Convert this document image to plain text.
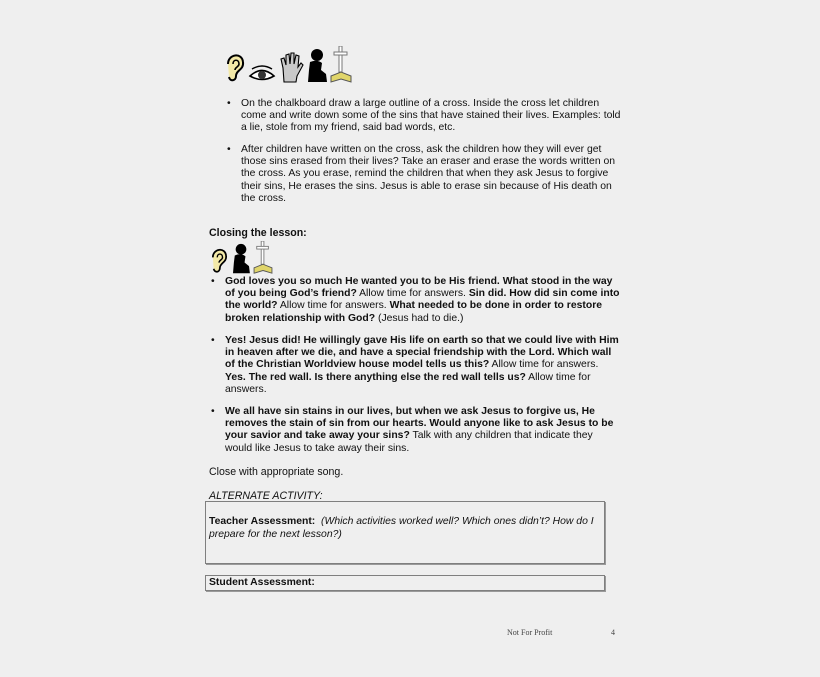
• On the chalkboard draw a large outline of a cross. Inside the cross let children come and write down some of the sins that have stained their lives. Examples: told a lie, stole from my friend, said bad words, etc.
• After children have written on the cross, ask the children how they will ever get those sins erased from their lives? Take an eraser and erase the words written on the cross. As you erase, remind the children that when they ask Jesus to forgive their sins, He erases the sins. Jesus is able to erase sin because of His death on the cross.
Closing the lesson:
• God loves you so much He wanted you to be His friend. What stood in the way of you being God’s friend? Allow time for answers. Sin did. How did sin come into the world? Allow time for answers. What needed to be done in order to restore broken relationship with God? (Jesus had to die.)
• Yes! Jesus did! He willingly gave His life on earth so that we could live with Him in heaven after we die, and have a special friendship with the Lord. Which wall of the Christian Worldview house model tells us this? Allow time for answers. Yes. The red wall. Is there anything else the red wall tells us? Allow time for answers.
• We all have sin stains in our lives, but when we ask Jesus to forgive us, He removes the stain of sin from our hearts. Would anyone like to ask Jesus to be your savior and take away your sins? Talk with any children that indicate they would like Jesus to take away their sins.
Close with appropriate song.
ALTERNATE ACTIVITY:
Teacher Assessment: (Which activities worked well? Which ones didn’t? How do I prepare for the next lesson?)
Student Assessment:
Not For Profit	4
